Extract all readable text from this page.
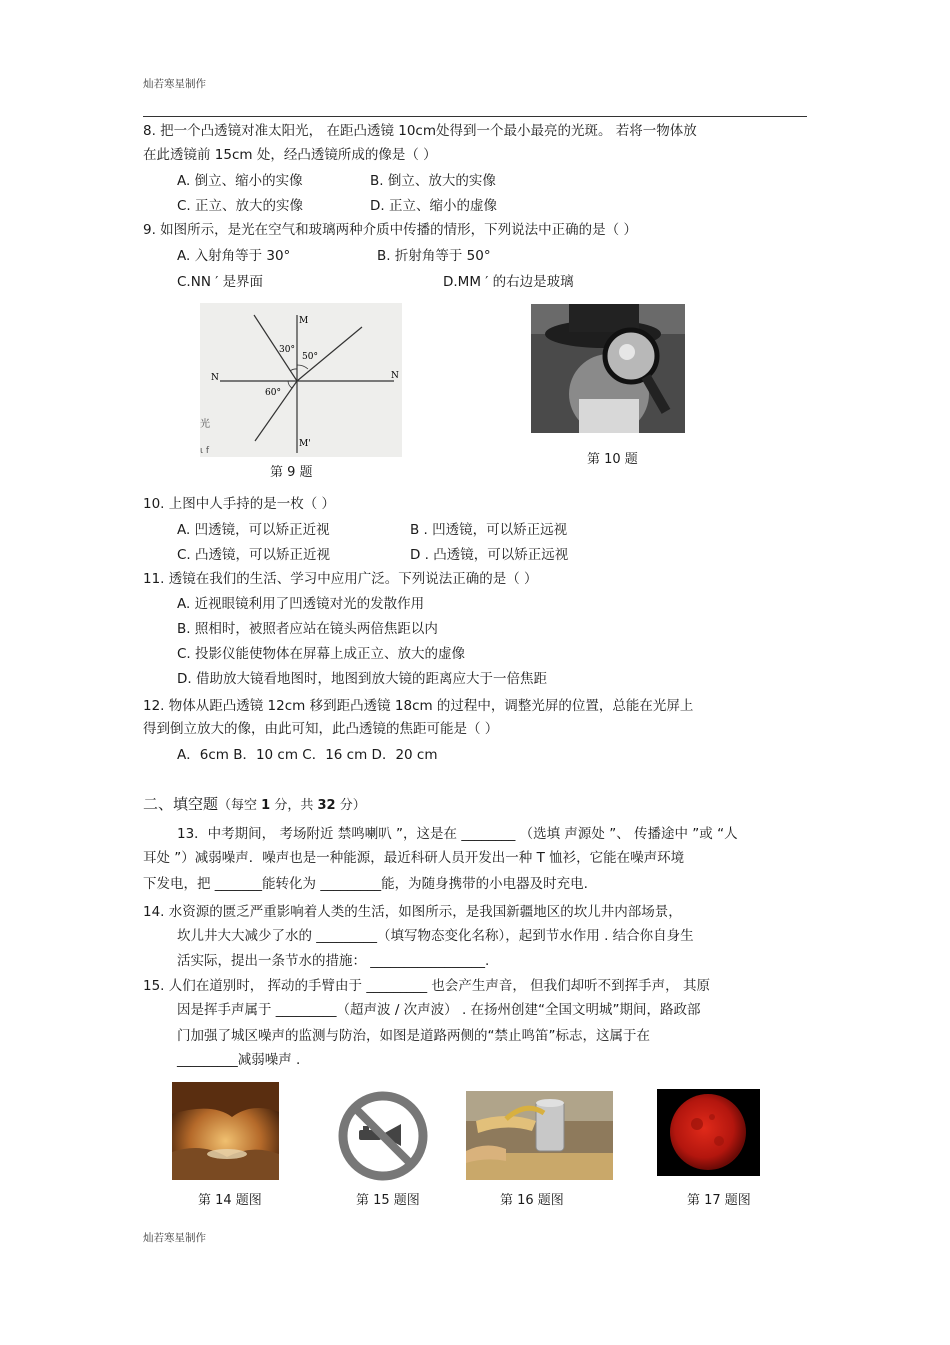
灿若寒星制作
灿若寒星制作
8. 把一个凸透镜对准太阳光， 在距凸透镜 10cm处得到一个最小最亮的光斑。 若将一物体放
在此透镜前 15cm 处，经凸透镜所成的像是（ ）
A. 倒立、缩小的实像	B. 倒立、放大的实像
C. 正立、放大的实像	D. 正立、缩小的虚像
9. 如图所示，是光在空气和玻璃两种介质中传播的情形，下列说法中正确的是（ ）
A. 入射角等于 30°	B. 折射角等于 50°
C.NN ′ 是界面	D.MM ′ 的右边是玻璃
M
M'
N	N
30°
50°
60°
光
ι f
第 9 题
第 10 题
10. 上图中人手持的是一枚（ ）
A. 凹透镜，可以矫正近视	B . 凹透镜，可以矫正远视
C. 凸透镜，可以矫正近视	D . 凸透镜，可以矫正远视
11. 透镜在我们的生活、学习中应用广泛。下列说法正确的是（ ）
A. 近视眼镜利用了凹透镜对光的发散作用
B. 照相时，被照者应站在镜头两倍焦距以内
C. 投影仪能使物体在屏幕上成正立、放大的虚像
D. 借助放大镜看地图时，地图到放大镜的距离应大于一倍焦距
12. 物体从距凸透镜 12cm 移到距凸透镜 18cm 的过程中，调整光屏的位置，总能在光屏上
得到倒立放大的像，由此可知，此凸透镜的焦距可能是（ ）
A．6cm B．10 cm C．16 cm D．20 cm
二、填空题（每空 1 分，共 32 分）
13．中考期间， 考场附近 禁鸣喇叭 ”，这是在 ________ （选填 声源处 ”、 传播途中 ”或 “人
耳处 ”）减弱噪声．噪声也是一种能源，最近科研人员开发出一种 T 恤衫，它能在噪声环境
下发电，把 _______能转化为 _________能，为随身携带的小电器及时充电.
14. 水资源的匮乏严重影响着人类的生活，如图所示，是我国新疆地区的坎儿井内部场景，
坎儿井大大减少了水的 _________（填写物态变化名称），起到节水作用 . 结合你自身生
活实际，提出一条节水的措施： _________________.
15. 人们在道别时， 挥动的手臂由于 _________ 也会产生声音， 但我们却听不到挥手声， 其原
因是挥手声属于 _________（超声波 / 次声波） . 在扬州创建“全国文明城”期间，路政部
门加强了城区噪声的监测与防治，如图是道路两侧的“禁止鸣笛”标志，这属于在
_________减弱噪声 .
第 14 题图	第 15 题图	第 16 题图	第 17 题图
